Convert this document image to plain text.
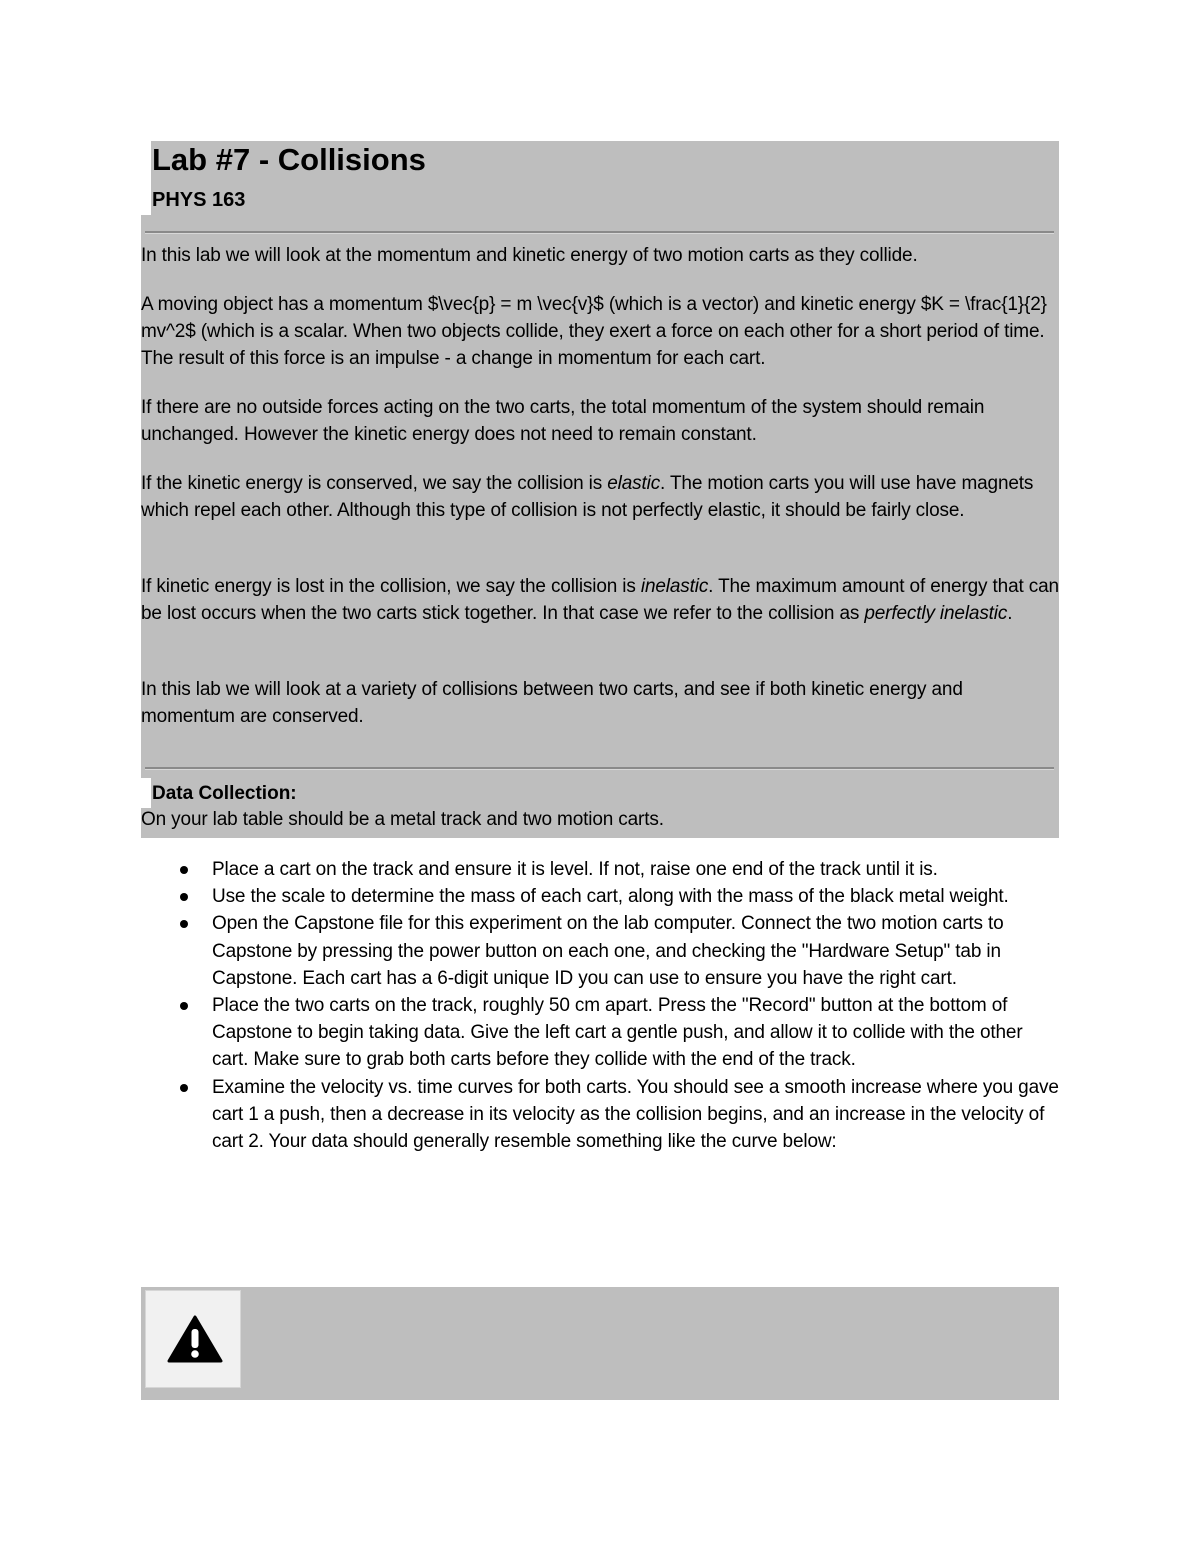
Lab #7 - Collisions
PHYS 163

In this lab we will look at the momentum and kinetic energy of two motion carts as they collide.

A moving object has a momentum $\vec{p} = m \vec{v}$ (which is a vector) and kinetic energy $K = \frac{1}{2} mv^2$ (which is a scalar. When two objects collide, they exert a force on each other for a short period of time. The result of this force is an impulse - a change in momentum for each cart.

If there are no outside forces acting on the two carts, the total momentum of the system should remain unchanged. However the kinetic energy does not need to remain constant.

If the kinetic energy is conserved, we say the collision is elastic. The motion carts you will use have magnets which repel each other. Although this type of collision is not perfectly elastic, it should be fairly close.

If kinetic energy is lost in the collision, we say the collision is inelastic. The maximum amount of energy that can be lost occurs when the two carts stick together. In that case we refer to the collision as perfectly inelastic.

In this lab we will look at a variety of collisions between two carts, and see if both kinetic energy and momentum are conserved.

Data Collection:

On your lab table should be a metal track and two motion carts.

Place a cart on the track and ensure it is level. If not, raise one end of the track until it is.
Use the scale to determine the mass of each cart, along with the mass of the black metal weight.
Open the Capstone file for this experiment on the lab computer. Connect the two motion carts to Capstone by pressing the power button on each one, and checking the "Hardware Setup" tab in Capstone. Each cart has a 6-digit unique ID you can use to ensure you have the right cart.
Place the two carts on the track, roughly 50 cm apart. Press the "Record" button at the bottom of Capstone to begin taking data. Give the left cart a gentle push, and allow it to collide with the other cart. Make sure to grab both carts before they collide with the end of the track.
Examine the velocity vs. time curves for both carts. You should see a smooth increase where you gave cart 1 a push, then a decrease in its velocity as the collision begins, and an increase in the velocity of cart 2. Your data should generally resemble something like the curve below:
